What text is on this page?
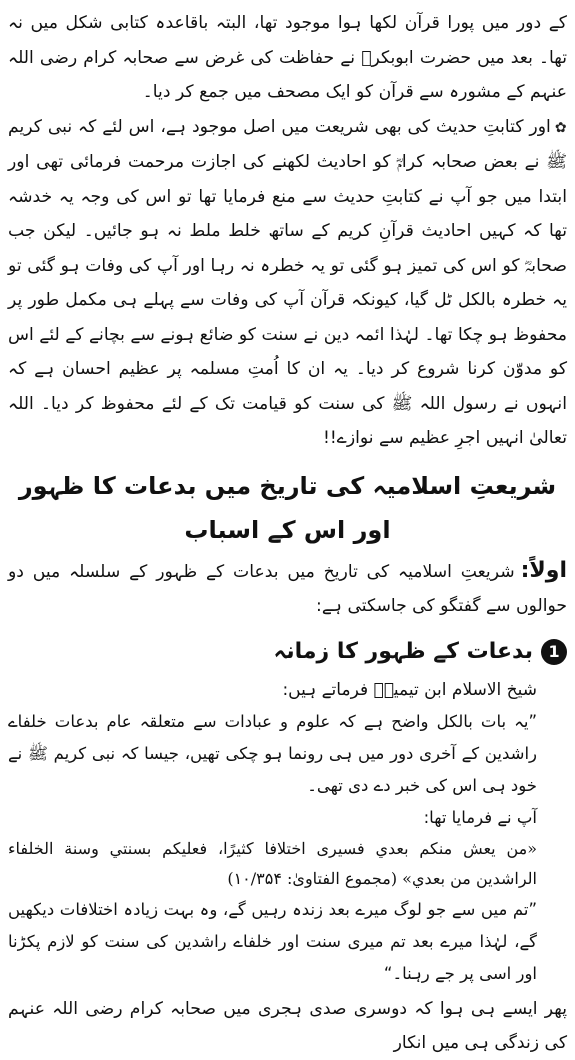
کے دور میں پورا قرآن لکھا ہوا موجود تھا، البتہ باقاعدہ کتابی شکل میں نہ تھا۔ بعد میں حضرت ابوبکرؓ نے حفاظت کی غرض سے صحابہ کرام رضی اللہ عنہم کے مشورہ سے قرآن کو ایک مصحف میں جمع کر دیا۔

✿اور کتابتِ حدیث کی بھی شریعت میں اصل موجود ہے، اس لئے کہ نبی کریم ﷺ نے بعض صحابہ کرامؓ کو احادیث لکھنے کی اجازت مرحمت فرمائی تھی اور ابتدا میں جو آپ نے کتابتِ حدیث سے منع فرمایا تھا تو اس کی وجہ یہ خدشہ تھا کہ کہیں احادیث قرآنِ کریم کے ساتھ خلط ملط نہ ہو جائیں۔ لیکن جب صحابہؓ کو اس کی تمیز ہو گئی تو یہ خطرہ نہ رہا اور آپ کی وفات ہو گئی تو یہ خطرہ بالکل ٹل گیا، کیونکہ قرآن آپ کی وفات سے پہلے ہی مکمل طور پر محفوظ ہو چکا تھا۔ لہٰذا ائمہ دین نے سنت کو ضائع ہونے سے بچانے کے لئے اس کو مدوّن کرنا شروع کر دیا۔ یہ ان کا اُمتِ مسلمہ پر عظیم احسان ہے کہ انہوں نے رسول اللہ ﷺ کی سنت کو قیامت تک کے لئے محفوظ کر دیا۔ اللہ تعالیٰ انہیں اجرِ عظیم سے نوازے!!

شریعتِ اسلامیہ کی تاریخ میں بدعات کا ظہور اور اس کے اسباب

اولاً:شریعتِ اسلامیہ کی تاریخ میں بدعات کے ظہور کے سلسلہ میں دو حوالوں سے گفتگو کی جاسکتی ہے:

1
بدعات کے ظہور کا زمانہ

شیخ الاسلام ابن تیمیہؒ فرماتے ہیں:

”یہ بات بالکل واضح ہے کہ علوم و عبادات سے متعلقہ عام بدعات خلفاے راشدین کے آخری دور میں ہی رونما ہو چکی تھیں، جیسا کہ نبی کریم ﷺ نے خود ہی اس کی خبر دے دی تھی۔

آپ نے فرمایا تھا:

«من يعش منكم بعدي فسيرى اختلافا كثيرًا، فعليكم بسنتي وسنة الخلفاء الراشدين من بعدي» (مجموع الفتاوىٰ: ۱۰/۳۵۴)

”تم میں سے جو لوگ میرے بعد زندہ رہیں گے، وہ بہت زیادہ اختلافات دیکھیں گے، لہٰذا میرے بعد تم میری سنت اور خلفاے راشدین کی سنت کو لازم پکڑنا اور اسی پر جے رہنا۔“

پھر ایسے ہی ہوا کہ دوسری صدی ہجری میں صحابہ کرام رضی اللہ عنہم کی زندگی ہی میں انکار
